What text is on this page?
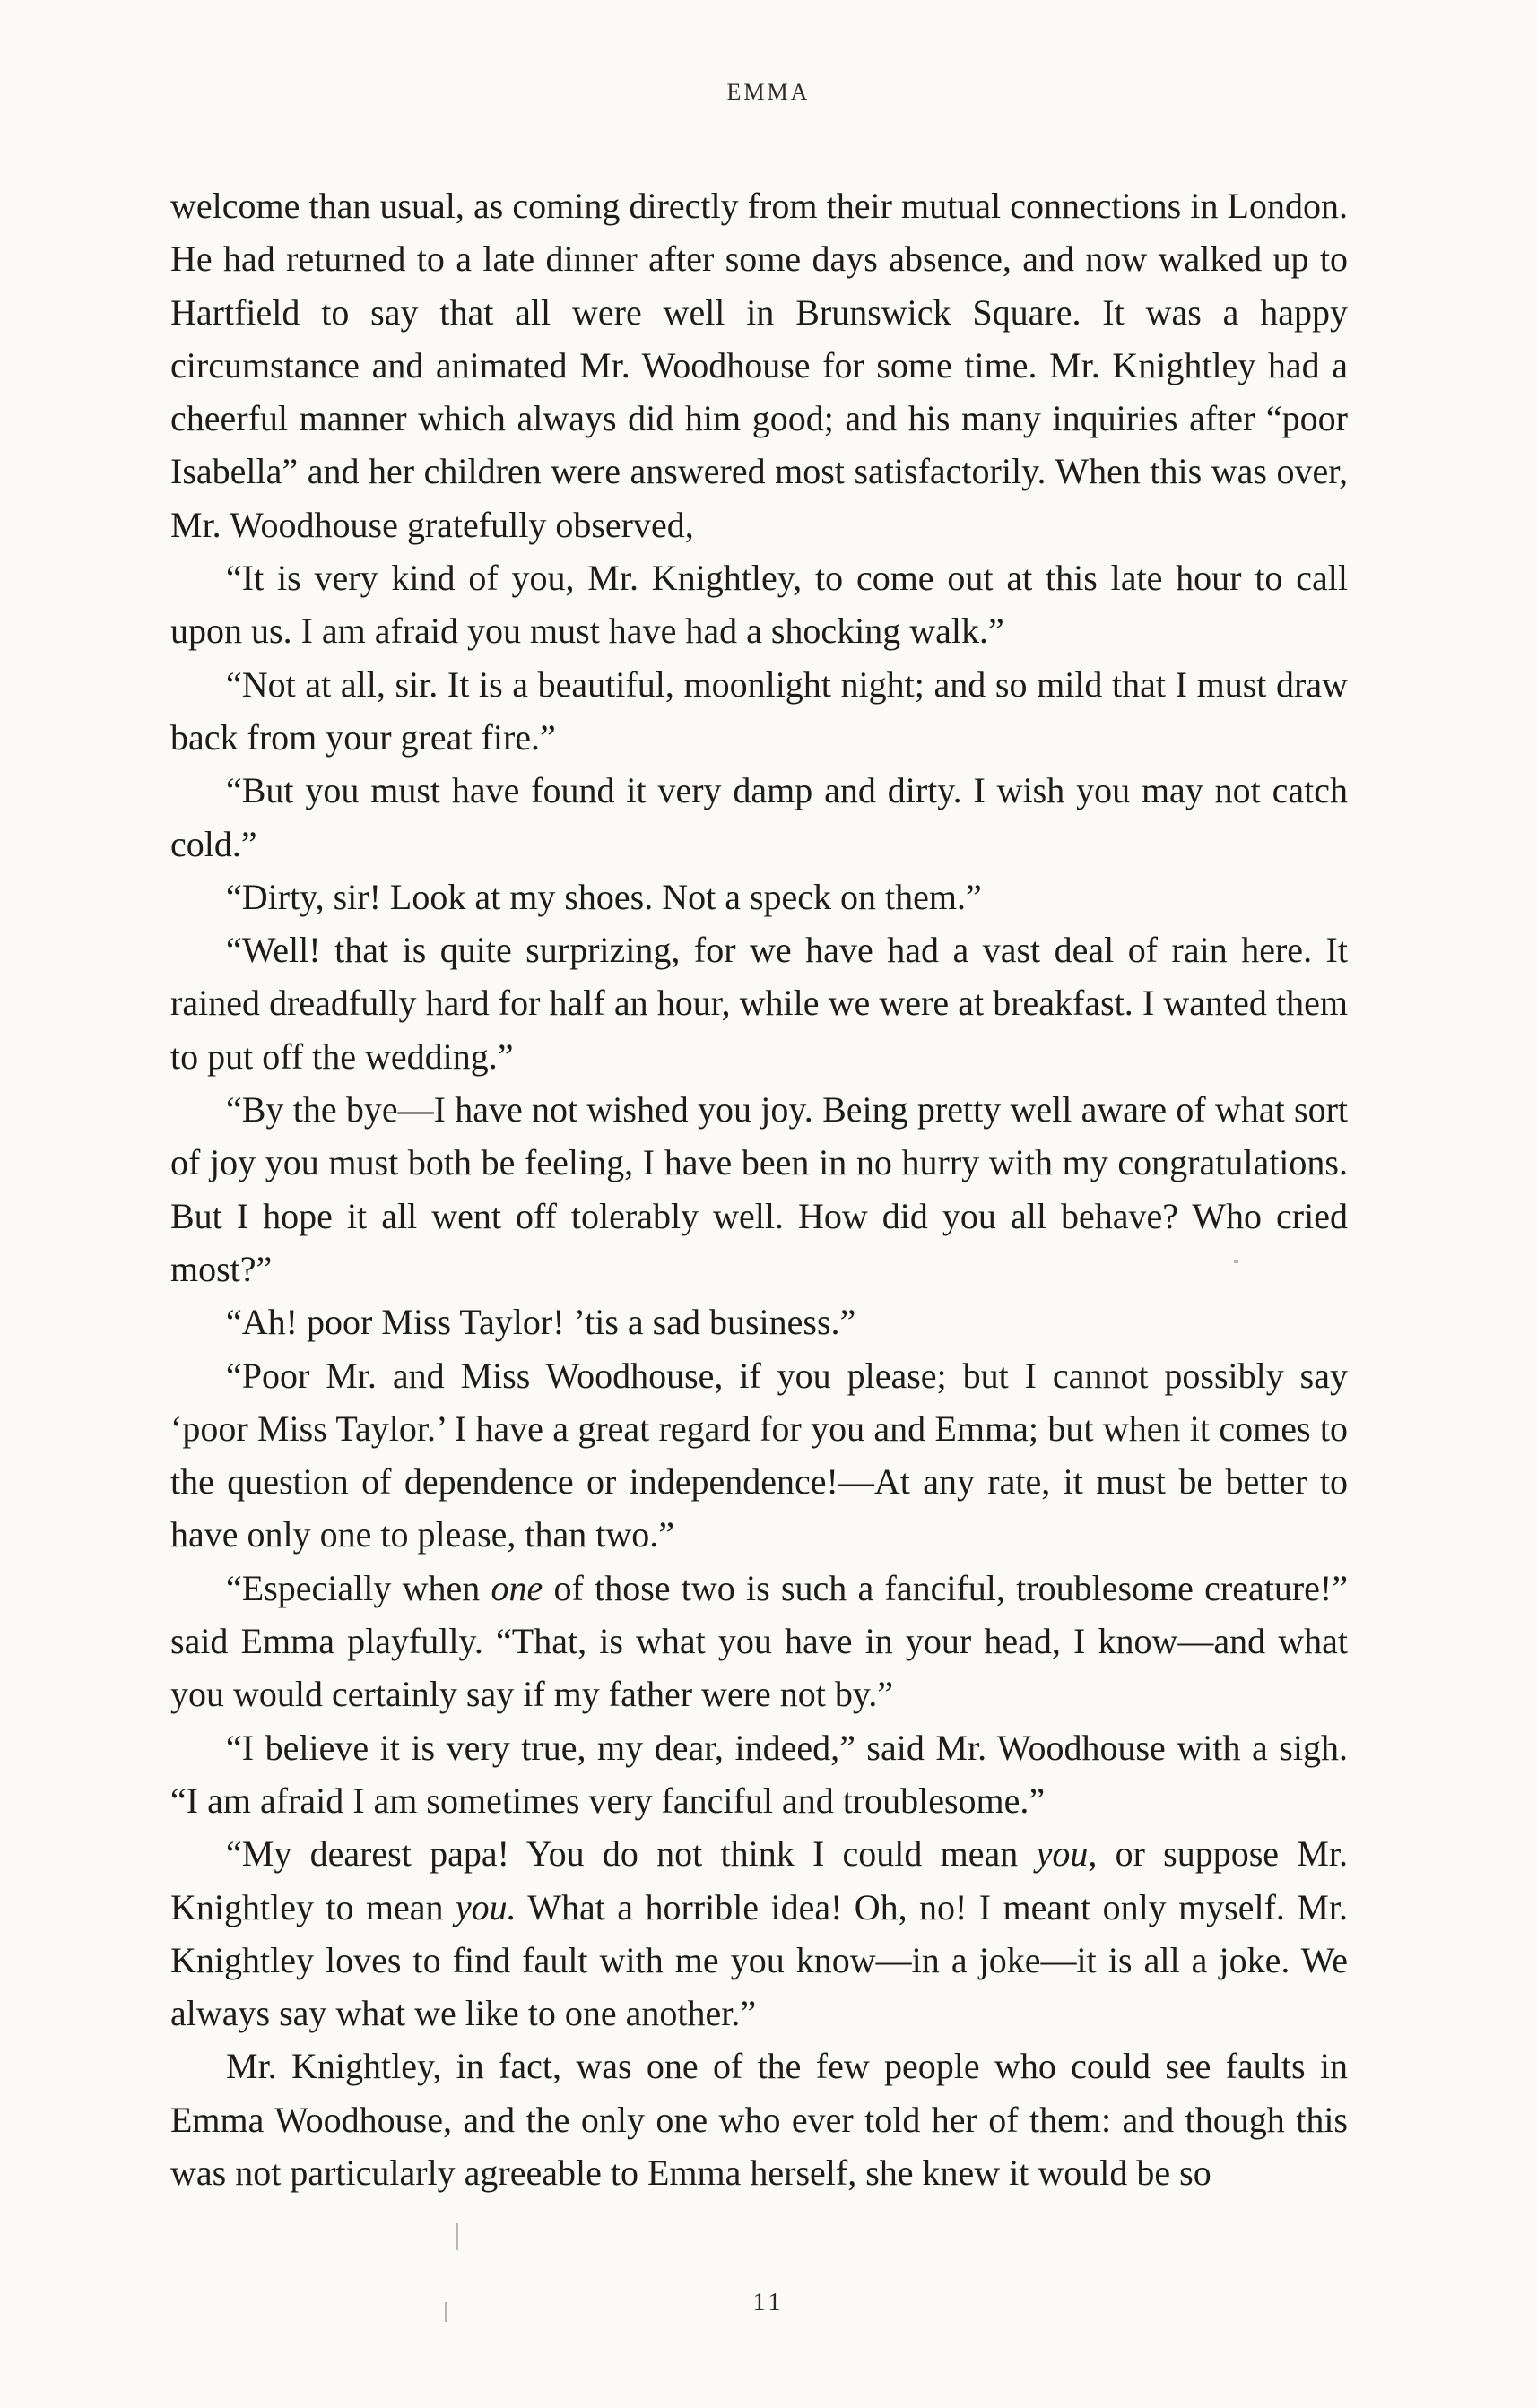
EMMA

welcome than usual, as coming directly from their mutual connections in London. He had returned to a late dinner after some days absence, and now walked up to Hartfield to say that all were well in Brunswick Square. It was a happy circumstance and animated Mr. Woodhouse for some time. Mr. Knightley had a cheerful manner which always did him good; and his many inquiries after “poor Isabella” and her children were answered most satisfactorily. When this was over, Mr. Woodhouse gratefully observed,

“It is very kind of you, Mr. Knightley, to come out at this late hour to call upon us. I am afraid you must have had a shocking walk.”

“Not at all, sir. It is a beautiful, moonlight night; and so mild that I must draw back from your great fire.”

“But you must have found it very damp and dirty. I wish you may not catch cold.”

“Dirty, sir! Look at my shoes. Not a speck on them.”

“Well! that is quite surprizing, for we have had a vast deal of rain here. It rained dreadfully hard for half an hour, while we were at breakfast. I wanted them to put off the wedding.”

“By the bye—I have not wished you joy. Being pretty well aware of what sort of joy you must both be feeling, I have been in no hurry with my congratulations. But I hope it all went off tolerably well. How did you all behave? Who cried most?”

“Ah! poor Miss Taylor! ’tis a sad business.”

“Poor Mr. and Miss Woodhouse, if you please; but I cannot possibly say ‘poor Miss Taylor.’ I have a great regard for you and Emma; but when it comes to the question of dependence or independence!—At any rate, it must be better to have only one to please, than two.”

“Especially when one of those two is such a fanciful, troublesome creature!” said Emma playfully. “That, is what you have in your head, I know—and what you would certainly say if my father were not by.”

“I believe it is very true, my dear, indeed,” said Mr. Woodhouse with a sigh. “I am afraid I am sometimes very fanciful and troublesome.”

“My dearest papa! You do not think I could mean you, or suppose Mr. Knightley to mean you. What a horrible idea! Oh, no! I meant only myself. Mr. Knightley loves to find fault with me you know—in a joke—it is all a joke. We always say what we like to one another.”

Mr. Knightley, in fact, was one of the few people who could see faults in Emma Woodhouse, and the only one who ever told her of them: and though this was not particularly agreeable to Emma herself, she knew it would be so

11
